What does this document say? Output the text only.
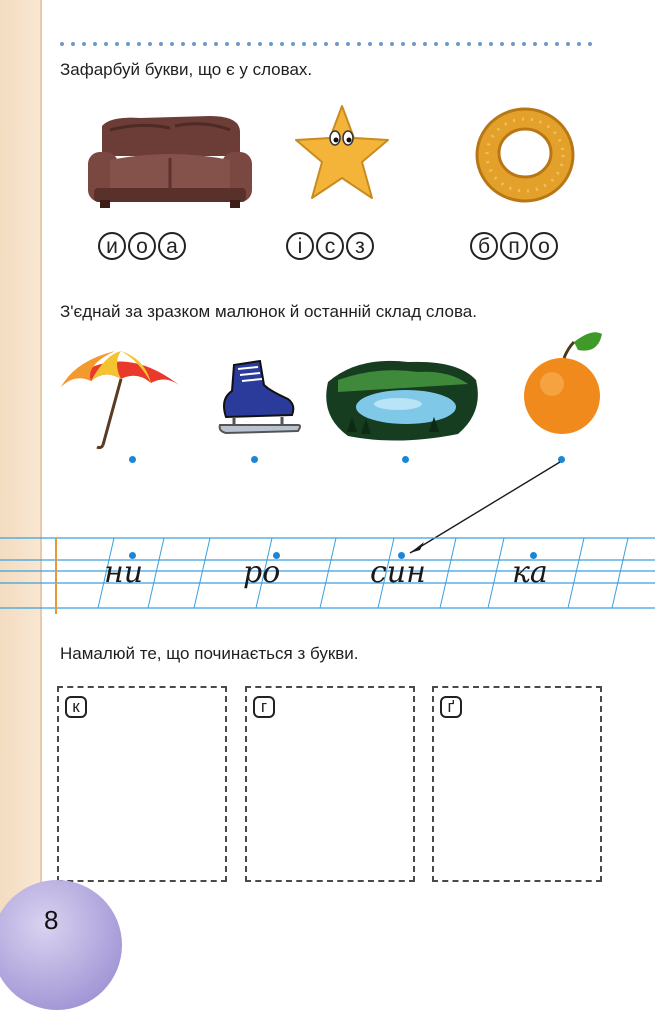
Зафарбуй букви, що є у словах.
и о а	і	с з	б п о
З'єднай за зразком малюнок й останній склад слова.
ни	ро	син	ка
Намалюй те, що починається з букви.
к	г	ґ
8
